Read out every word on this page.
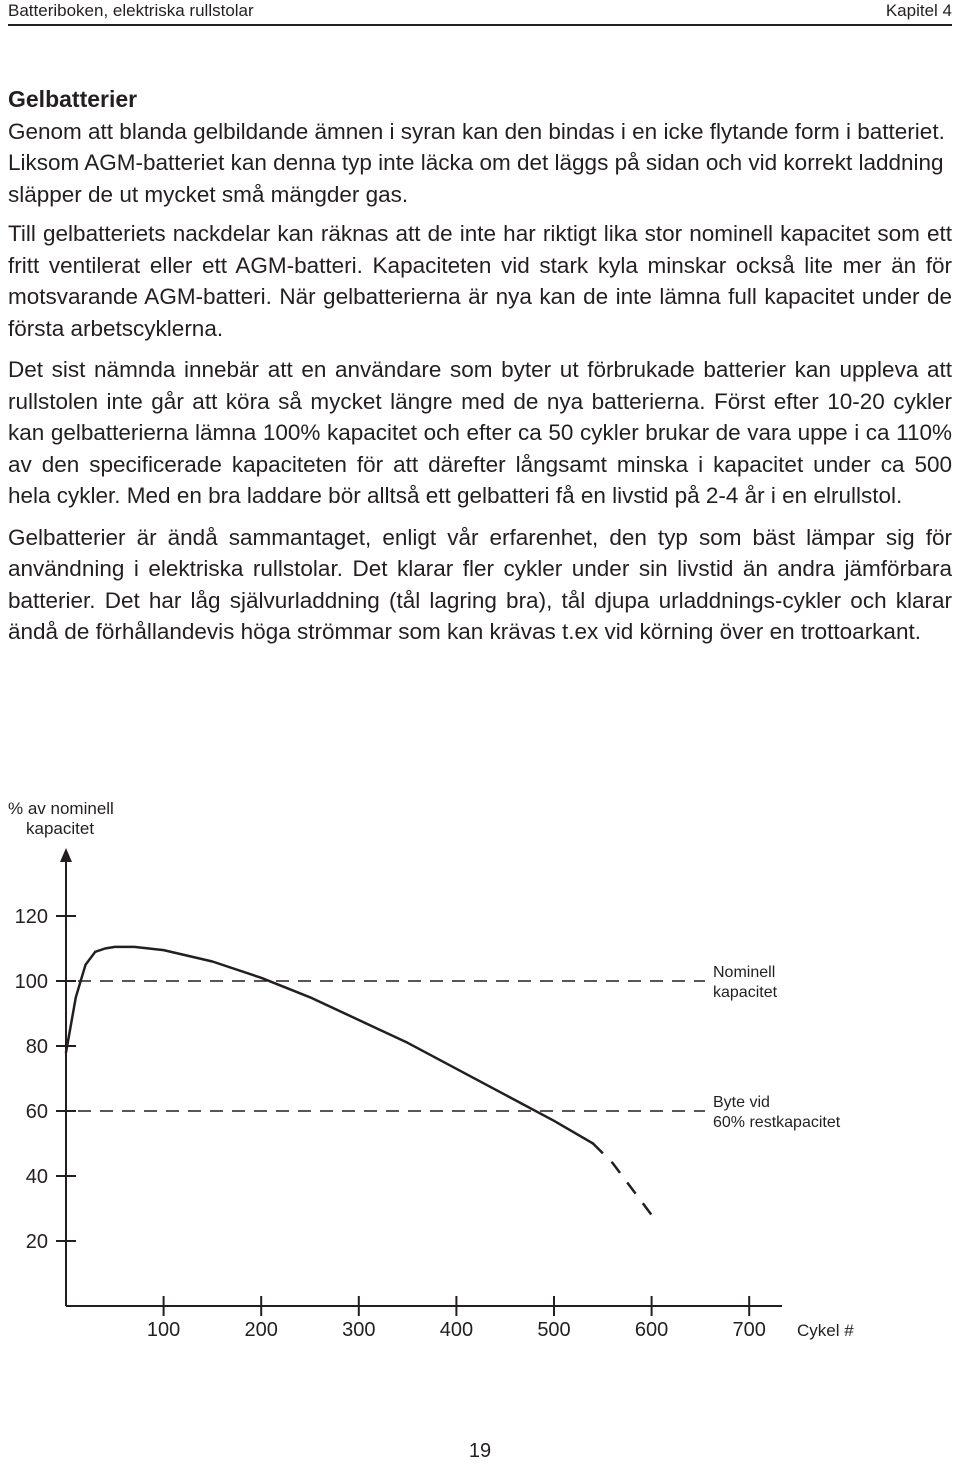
Batteriboken, elektriska rullstolar	Kapitel 4
Gelbatterier

Genom att blanda gelbildande ämnen i syran kan den bindas i en icke flytande form i batteriet. Liksom AGM-batteriet kan denna typ inte läcka om det läggs på sidan och vid korrekt laddning släpper de ut mycket små mängder gas.

Till gelbatteriets nackdelar kan räknas att de inte har riktigt lika stor nominell kapacitet som ett fritt ventilerat eller ett AGM-batteri. Kapaciteten vid stark kyla minskar också lite mer än för motsvarande AGM-batteri. När gelbatterierna är nya kan de inte lämna full kapacitet under de första arbetscyklerna.

Det sist nämnda innebär att en användare som byter ut förbrukade batterier kan uppleva att rullstolen inte går att köra så mycket längre med de nya batterierna. Först efter 10-20 cykler kan gelbatterierna lämna 100% kapacitet och efter ca 50 cykler brukar de vara uppe i ca 110% av den specificerade kapaciteten för att därefter långsamt minska i kapacitet under ca 500 hela cykler. Med en bra laddare bör alltså ett gelbatteri få en livstid på 2-4 år i en elrullstol.

Gelbatterier är ändå sammantaget, enligt vår erfarenhet, den typ som bäst lämpar sig för användning i elektriska rullstolar. Det klarar fler cykler under sin livstid än andra jämförbara batterier. Det har låg självurladdning (tål lagring bra), tål djupa urladdnings-cykler och klarar ändå de förhållandevis höga strömmar som kan krävas t.ex vid körning över en trottoarkant.

% av nominell
kapacitet
20
40
60
80
100
120
100	200	300	400	500	600	700
Nominell
kapacitet
Byte vid
60% restkapacitet
Cykel #
19
